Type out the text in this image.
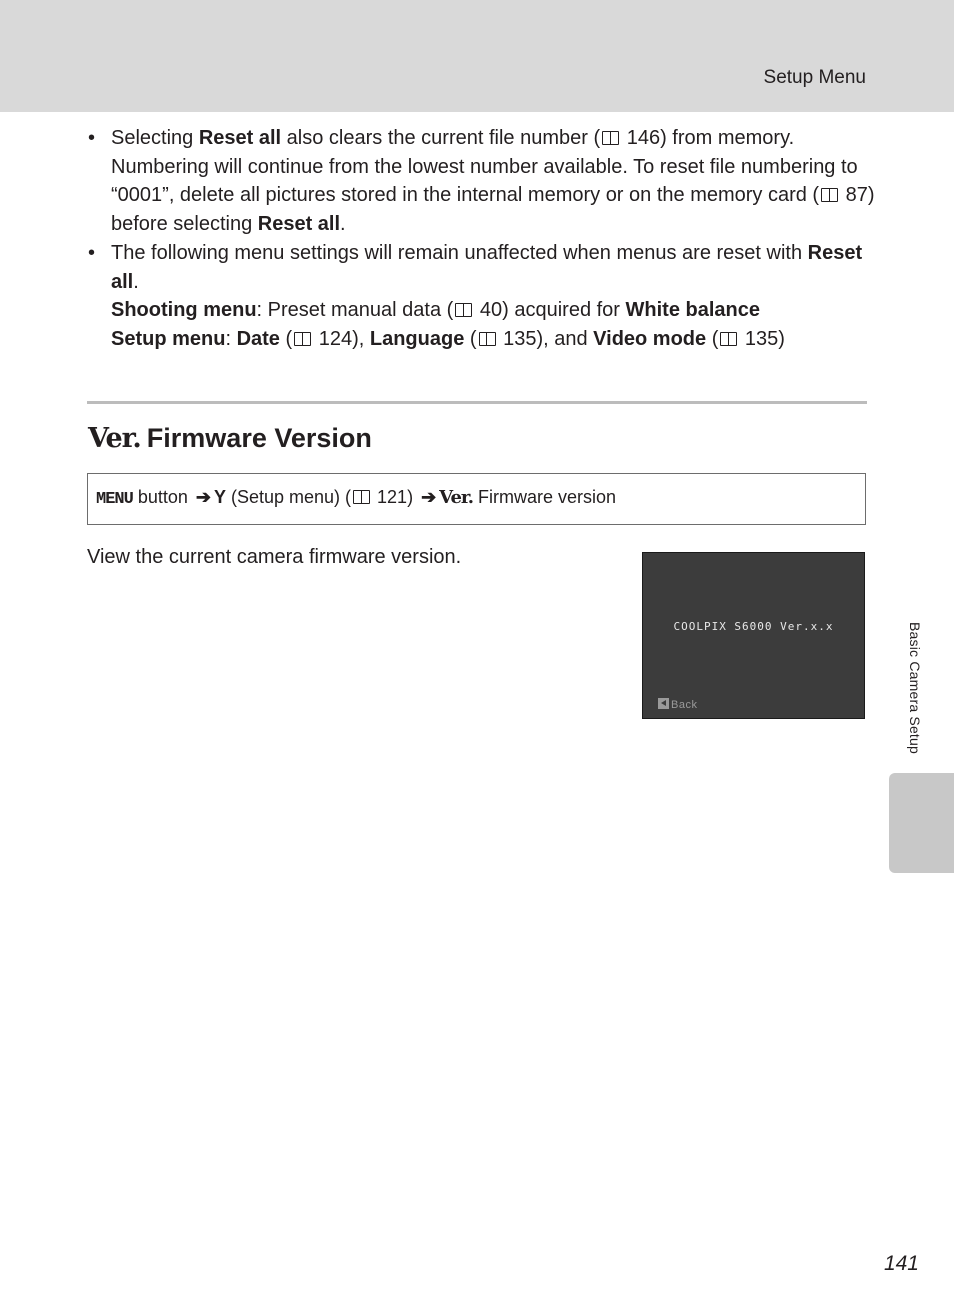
Setup Menu
Basic Camera Setup
• Selecting Reset all also clears the current file number ( 146) from memory. Numbering will continue from the lowest number available. To reset file numbering to “0001”, delete all pictures stored in the internal memory or on the memory card ( 87) before selecting Reset all.
• The following menu settings will remain unaffected when menus are reset with Reset all.
Shooting menu: Preset manual data ( 40) acquired for White balance
Setup menu: Date ( 124), Language ( 135), and Video mode ( 135)
Ver. Firmware Version
MENU button ➔ Y (Setup menu) ( 121) ➔ Ver. Firmware version
View the current camera firmware version.
COOLPIX S6000 Ver.x.x
Back
141
